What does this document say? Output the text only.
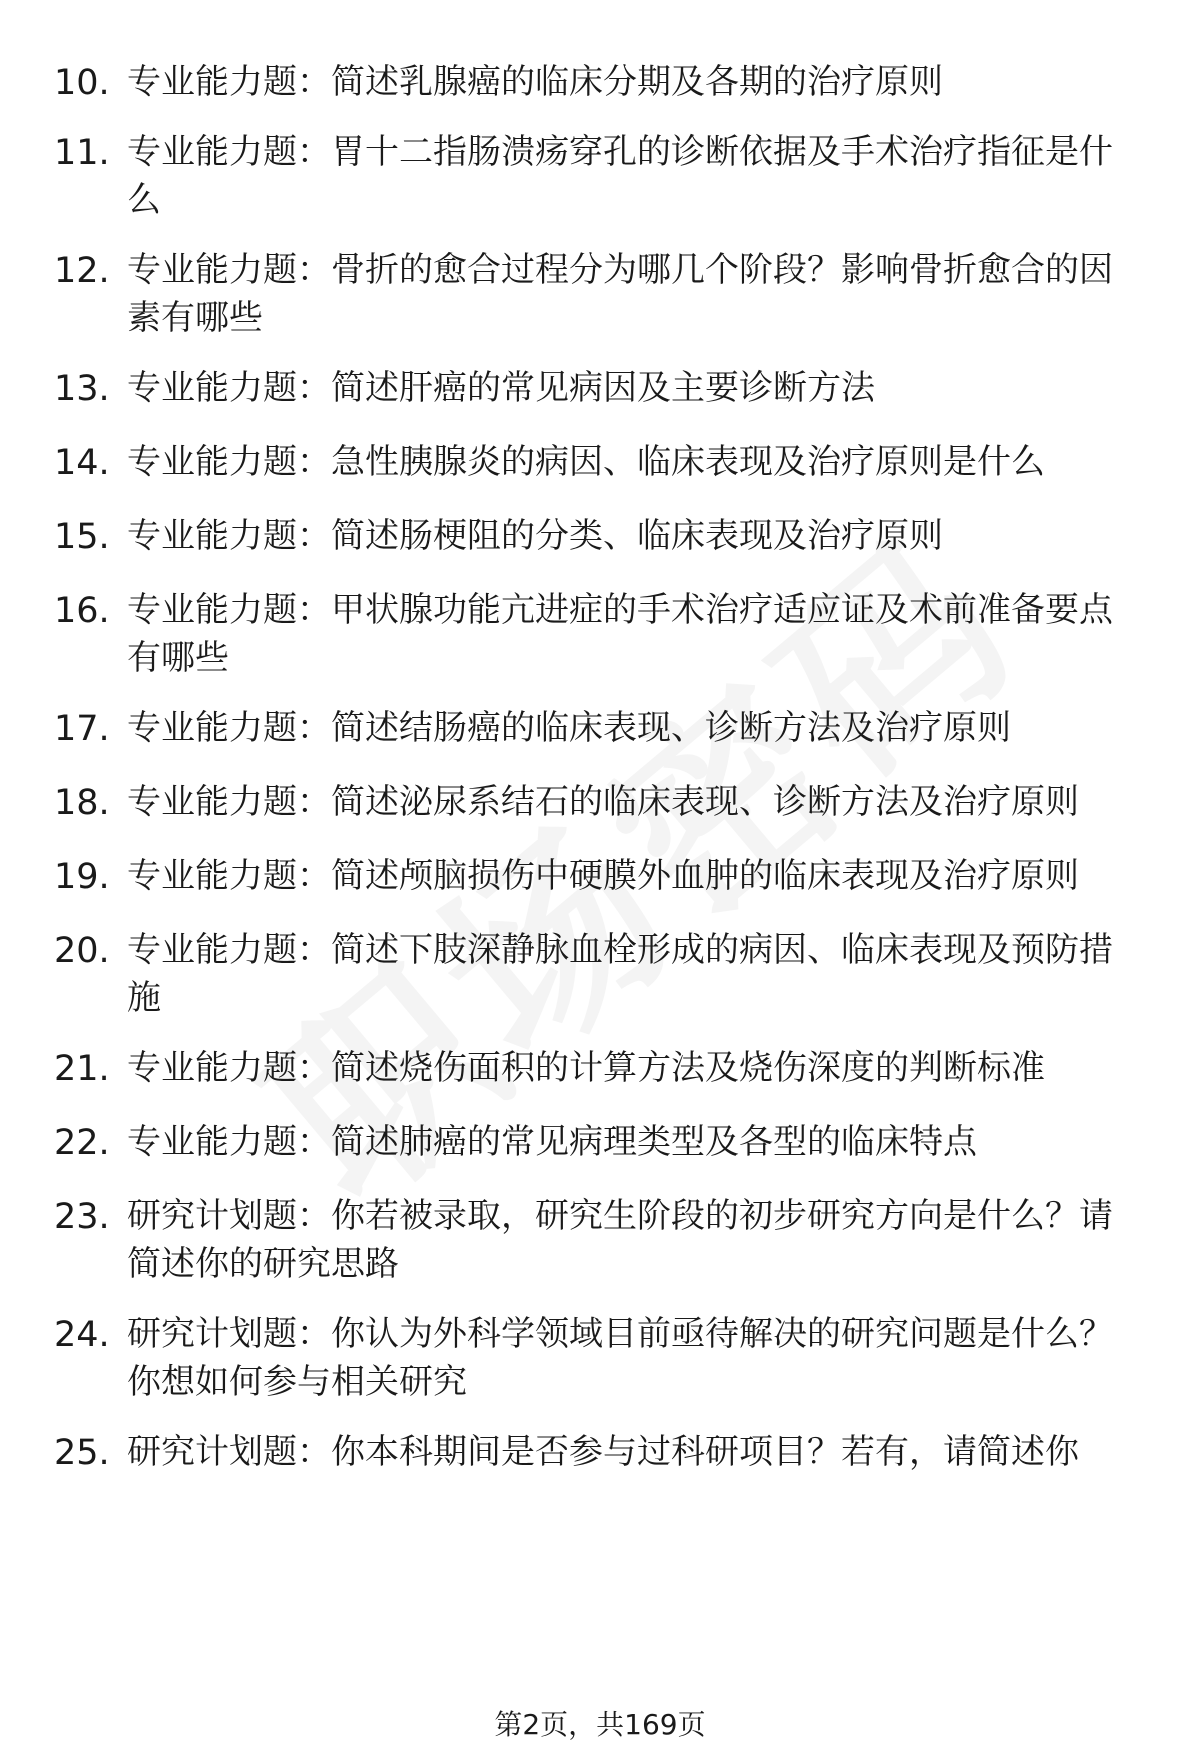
10. 专业能力题：简述乳腺癌的临床分期及各期的治疗原则
11. 专业能力题：胃十二指肠溃疡穿孔的诊断依据及手术治疗指征是什么
12. 专业能力题：骨折的愈合过程分为哪几个阶段？影响骨折愈合的因素有哪些
13. 专业能力题：简述肝癌的常见病因及主要诊断方法
14. 专业能力题：急性胰腺炎的病因、临床表现及治疗原则是什么
15. 专业能力题：简述肠梗阻的分类、临床表现及治疗原则
16. 专业能力题：甲状腺功能亢进症的手术治疗适应证及术前准备要点有哪些
17. 专业能力题：简述结肠癌的临床表现、诊断方法及治疗原则
18. 专业能力题：简述泌尿系结石的临床表现、诊断方法及治疗原则
19. 专业能力题：简述颅脑损伤中硬膜外血肿的临床表现及治疗原则
20. 专业能力题：简述下肢深静脉血栓形成的病因、临床表现及预防措施
21. 专业能力题：简述烧伤面积的计算方法及烧伤深度的判断标准
22. 专业能力题：简述肺癌的常见病理类型及各型的临床特点
23. 研究计划题：你若被录取，研究生阶段的初步研究方向是什么？请简述你的研究思路
24. 研究计划题：你认为外科学领域目前亟待解决的研究问题是什么？你想如何参与相关研究
25. 研究计划题：你本科期间是否参与过科研项目？若有，请简述你
第2页，共169页
